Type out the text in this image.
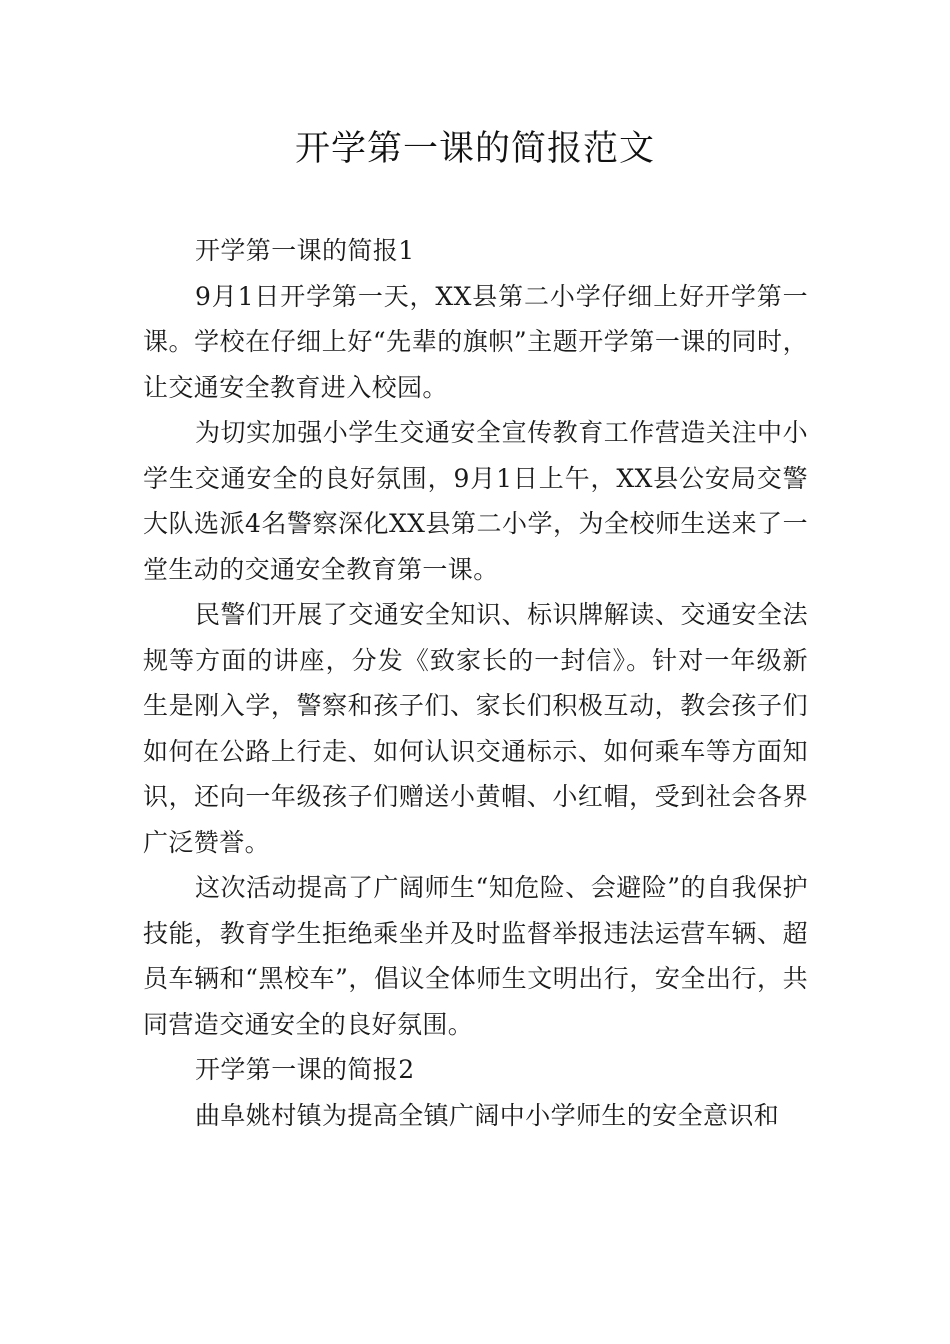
开学第一课的简报范文

开学第一课的简报1

9月1日开学第一天，XX县第二小学仔细上好开学第一课。学校在仔细上好“先辈的旗帜”主题开学第一课的同时，让交通安全教育进入校园。

为切实加强小学生交通安全宣传教育工作营造关注中小学生交通安全的良好氛围，9月1日上午，XX县公安局交警大队选派4名警察深化XX县第二小学，为全校师生送来了一堂生动的交通安全教育第一课。

民警们开展了交通安全知识、标识牌解读、交通安全法规等方面的讲座，分发《致家长的一封信》。针对一年级新生是刚入学，警察和孩子们、家长们积极互动，教会孩子们如何在公路上行走、如何认识交通标示、如何乘车等方面知识，还向一年级孩子们赠送小黄帽、小红帽，受到社会各界广泛赞誉。

这次活动提高了广阔师生“知危险、会避险”的自我保护技能，教育学生拒绝乘坐并及时监督举报违法运营车辆、超员车辆和“黑校车”，倡议全体师生文明出行，安全出行，共同营造交通安全的良好氛围。

开学第一课的简报2

曲阜姚村镇为提高全镇广阔中小学师生的安全意识和
